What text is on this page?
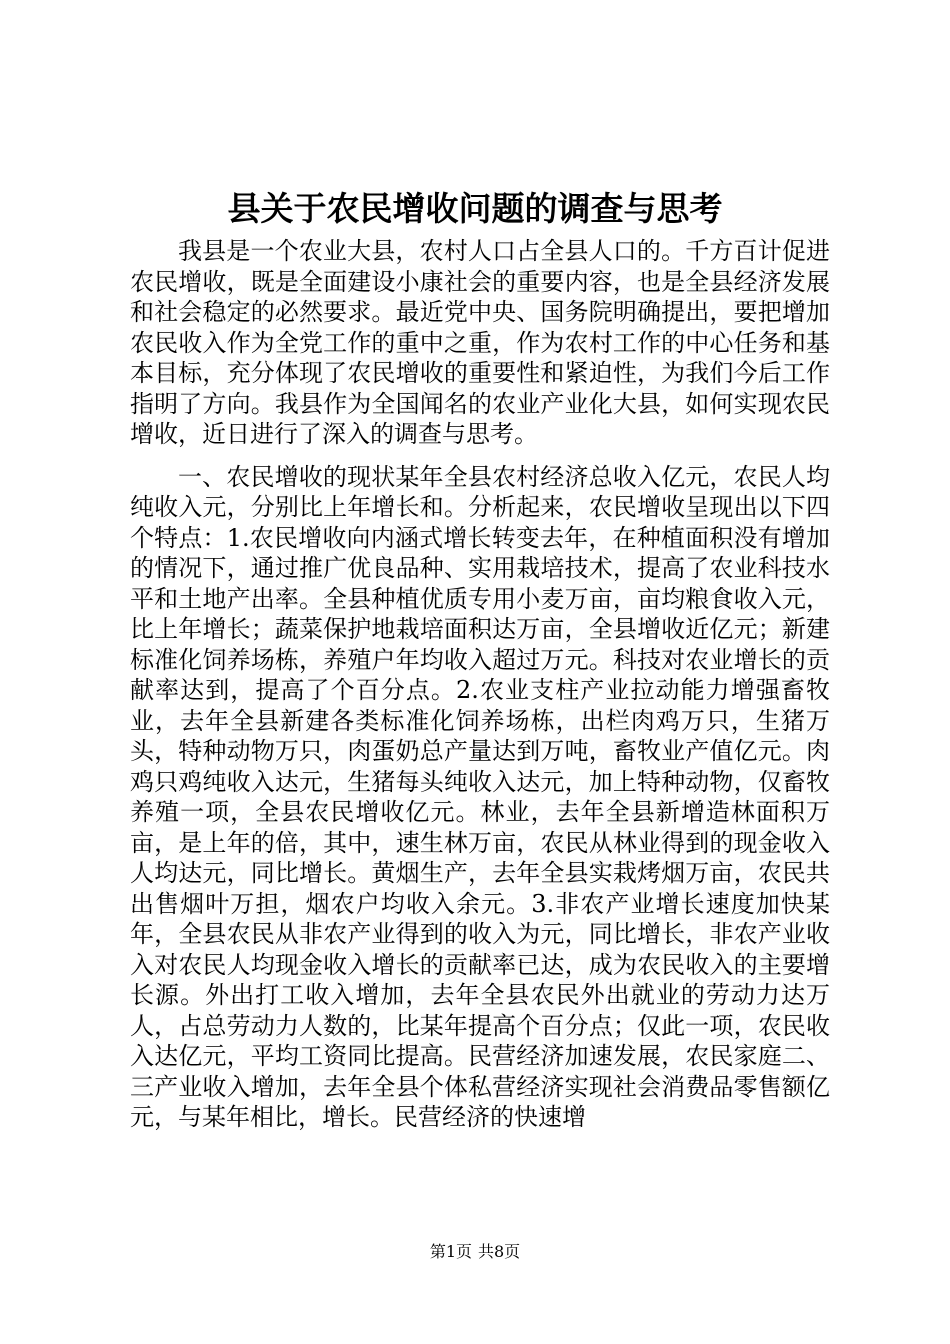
县关于农民增收问题的调查与思考

我县是一个农业大县，农村人口占全县人口的。千方百计促进农民增收，既是全面建设小康社会的重要内容，也是全县经济发展和社会稳定的必然要求。最近党中央、国务院明确提出，要把增加农民收入作为全党工作的重中之重，作为农村工作的中心任务和基本目标，充分体现了农民增收的重要性和紧迫性，为我们今后工作指明了方向。我县作为全国闻名的农业产业化大县，如何实现农民增收，近日进行了深入的调查与思考。

一、农民增收的现状某年全县农村经济总收入亿元，农民人均纯收入元，分别比上年增长和。分析起来，农民增收呈现出以下四个特点：1.农民增收向内涵式增长转变去年，在种植面积没有增加的情况下，通过推广优良品种、实用栽培技术，提高了农业科技水平和土地产出率。全县种植优质专用小麦万亩，亩均粮食收入元，比上年增长；蔬菜保护地栽培面积达万亩，全县增收近亿元；新建标准化饲养场栋，养殖户年均收入超过万元。科技对农业增长的贡献率达到，提高了个百分点。2.农业支柱产业拉动能力增强畜牧业，去年全县新建各类标准化饲养场栋，出栏肉鸡万只，生猪万头，特种动物万只，肉蛋奶总产量达到万吨，畜牧业产值亿元。肉鸡只鸡纯收入达元，生猪每头纯收入达元，加上特种动物，仅畜牧养殖一项，全县农民增收亿元。林业，去年全县新增造林面积万亩，是上年的倍，其中，速生林万亩，农民从林业得到的现金收入人均达元，同比增长。黄烟生产，去年全县实栽烤烟万亩，农民共出售烟叶万担，烟农户均收入余元。3.非农产业增长速度加快某年，全县农民从非农产业得到的收入为元，同比增长，非农产业收入对农民人均现金收入增长的贡献率已达，成为农民收入的主要增长源。外出打工收入增加，去年全县农民外出就业的劳动力达万人，占总劳动力人数的，比某年提高个百分点；仅此一项，农民收入达亿元，平均工资同比提高。民营经济加速发展，农民家庭二、三产业收入增加，去年全县个体私营经济实现社会消费品零售额亿元，与某年相比，增长。民营经济的快速增

第1页 共8页
